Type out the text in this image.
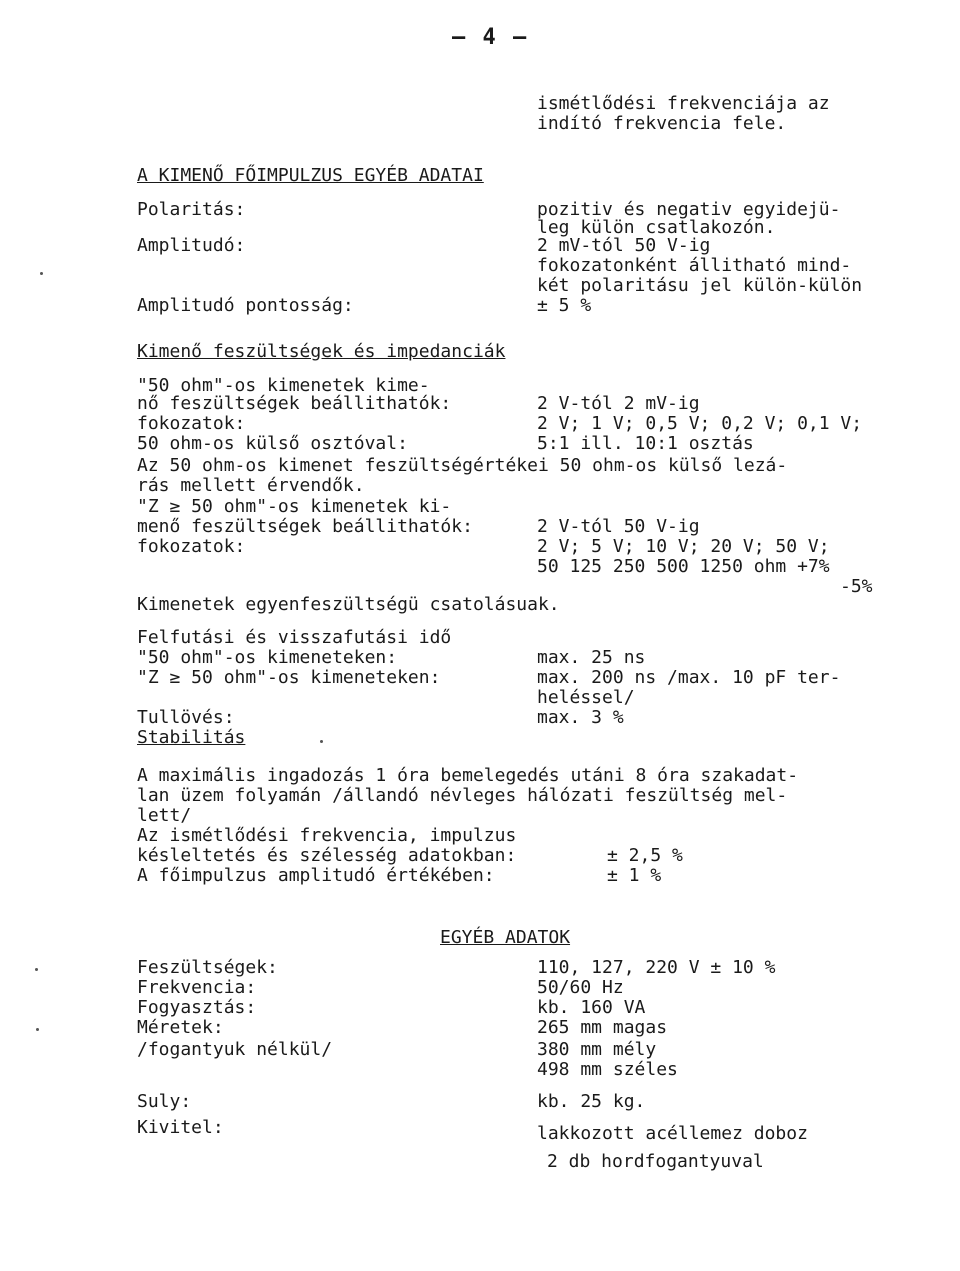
– 4 –
ismétlődési frekvenciája az
indító frekvencia fele.
A KIMENŐ FŐIMPULZUS EGYÉB ADATAI
Polaritás:	pozitiv és negativ egyidejü-
leg külön csatlakozón.
Amplitudó:	2 mV-tól 50 V-ig
fokozatonként állitható mind-
két polaritásu jel külön-külön
Amplitudó pontosság:	± 5 %
Kimenő feszültségek és impedanciák
"50 ohm"-os kimenetek kime-
nő feszültségek beállithatók:	2 V-tól 2 mV-ig
fokozatok:	2 V; 1 V; 0,5 V; 0,2 V; 0,1 V;
50 ohm-os külső osztóval:	5:1 ill. 10:1 osztás
Az 50 ohm-os kimenet feszültségértékei 50 ohm-os külső lezá-
rás mellett érvendők.
"Z ≥ 50 ohm"-os kimenetek ki-
menő feszültségek beállithatók:	2 V-tól 50 V-ig
fokozatok:	2 V; 5 V; 10 V; 20 V; 50 V;
50 125 250 500 1250 ohm +7%
-5%
Kimenetek egyenfeszültségü csatolásuak.
Felfutási és visszafutási idő
"50 ohm"-os kimeneteken:	max. 25 ns
"Z ≥ 50 ohm"-os kimeneteken:	max. 200 ns /max. 10 pF ter-
heléssel/
Tullövés:	max. 3 %
Stabilitás
A maximális ingadozás 1 óra bemelegedés utáni 8 óra szakadat-
lan üzem folyamán /állandó névleges hálózati feszültség mel-
lett/
Az ismétlődési frekvencia, impulzus
késleltetés és szélesség adatokban:	± 2,5 %
A főimpulzus amplitudó értékében:	± 1 %
EGYÉB ADATOK
Feszültségek:	110, 127, 220 V ± 10 %
Frekvencia:	50/60 Hz
Fogyasztás:	kb. 160 VA
Méretek:	265 mm magas
/fogantyuk nélkül/	380 mm mély
498 mm széles
Suly:	kb. 25 kg.
Kivitel:	lakkozott acéllemez doboz
2 db hordfogantyuval
